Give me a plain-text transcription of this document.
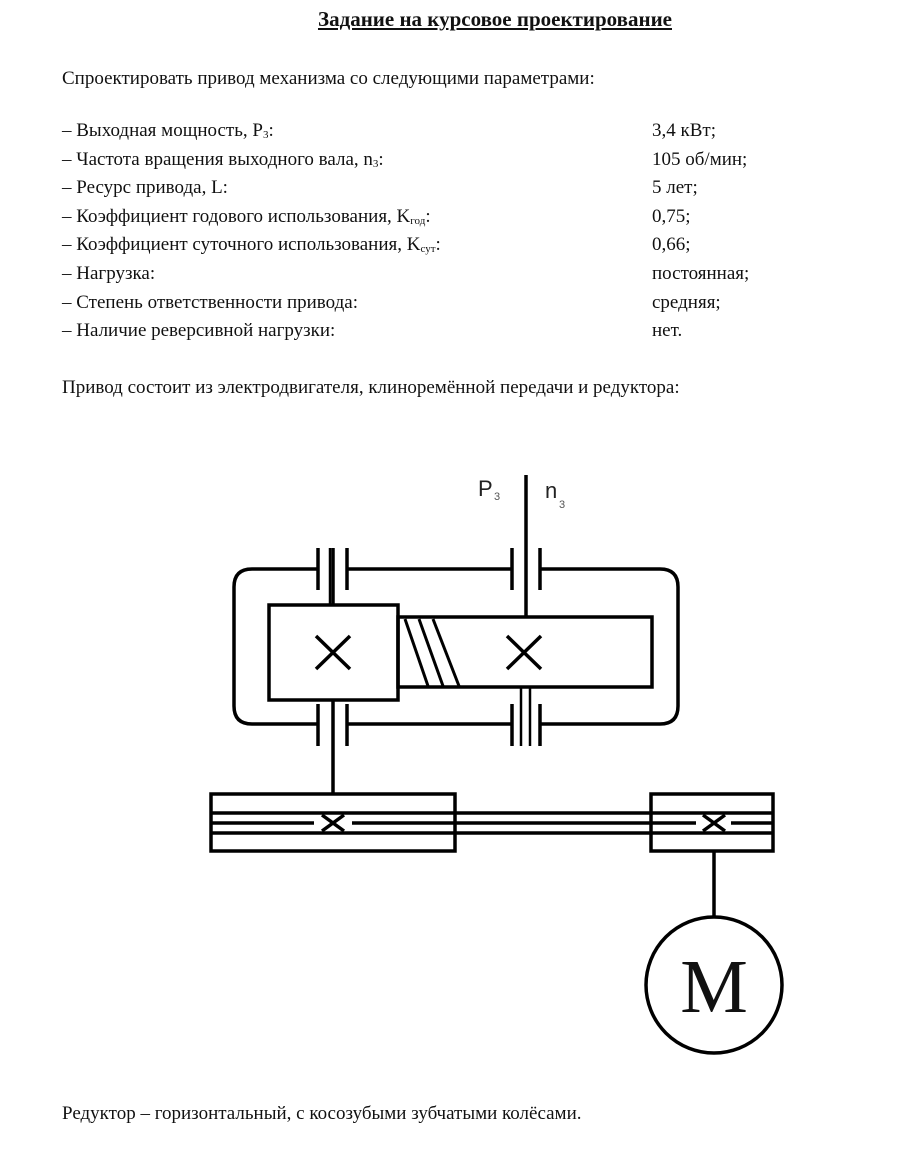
Задание на курсовое проектирование
Спроектировать привод механизма со следующими параметрами:
– Выходная мощность, $P_3$:	3,4 кВт;
– Частота вращения выходного вала, $n_3$:	105 об/мин;
– Ресурс привода, L:	5 лет;
– Коэффициент годового использования, $K_{год}$:	0,75;
– Коэффициент суточного использования, $K_{сут}$:	0,66;
– Нагрузка:	постоянная;
– Степень ответственности привода:	средняя;
– Наличие реверсивной нагрузки:	нет.
Привод состоит из электродвигателя, клиноремённой передачи и редуктора:
P 3 n
3
M
Редуктор – горизонтальный, с косозубыми зубчатыми колёсами.
